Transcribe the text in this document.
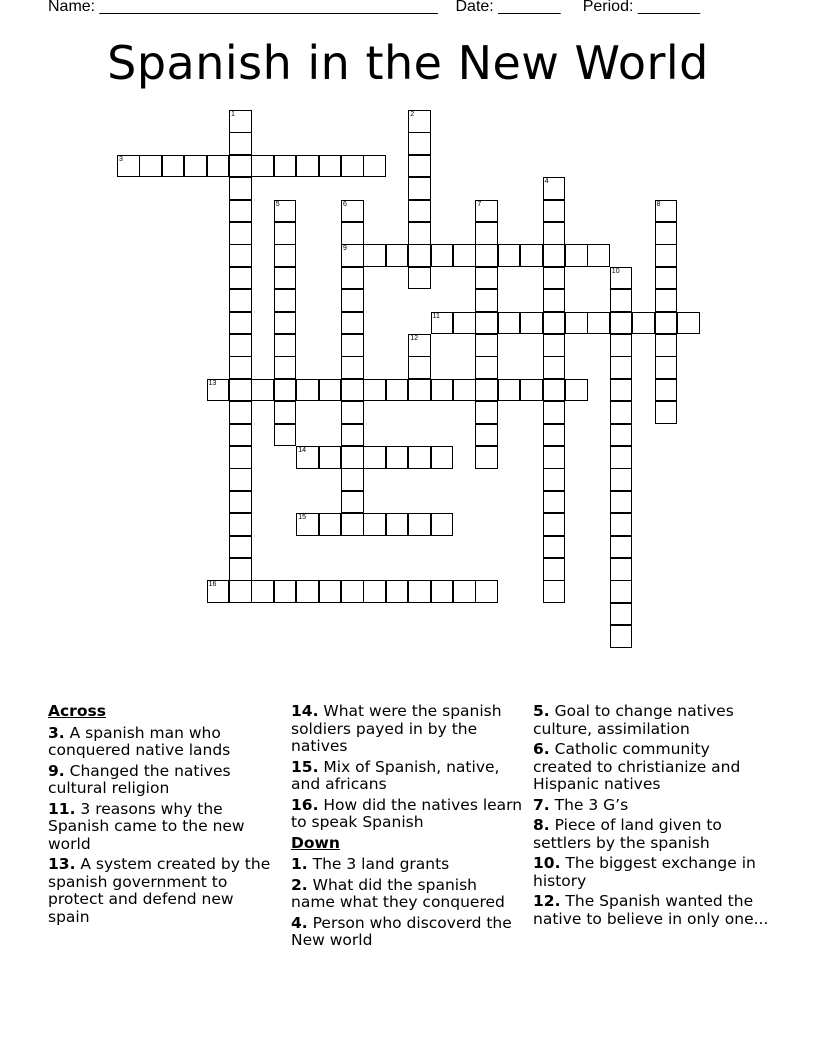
Name: ______________________________________ Date: _______ Period: _______
Spanish in the New World
1	2
3
4
5	6
9
7	8
10
11
12
13
14
15
16
Across
3. A spanish man who conquered native lands
9. Changed the natives cultural religion
11. 3 reasons why the Spanish came to the new world
13. A system created by the spanish government to protect and defend new spain
14. What were the spanish soldiers payed in by the natives
15. Mix of Spanish, native, and africans
16. How did the natives learn to speak Spanish
Down
1. The 3 land grants
2. What did the spanish name what they conquered
4. Person who discoverd the New world
5. Goal to change natives culture, assimilation
6. Catholic community created to christianize and Hispanic natives
7. The 3 G’s
8. Piece of land given to settlers by the spanish
10. The biggest exchange in history
12. The Spanish wanted the native to believe in only one...
